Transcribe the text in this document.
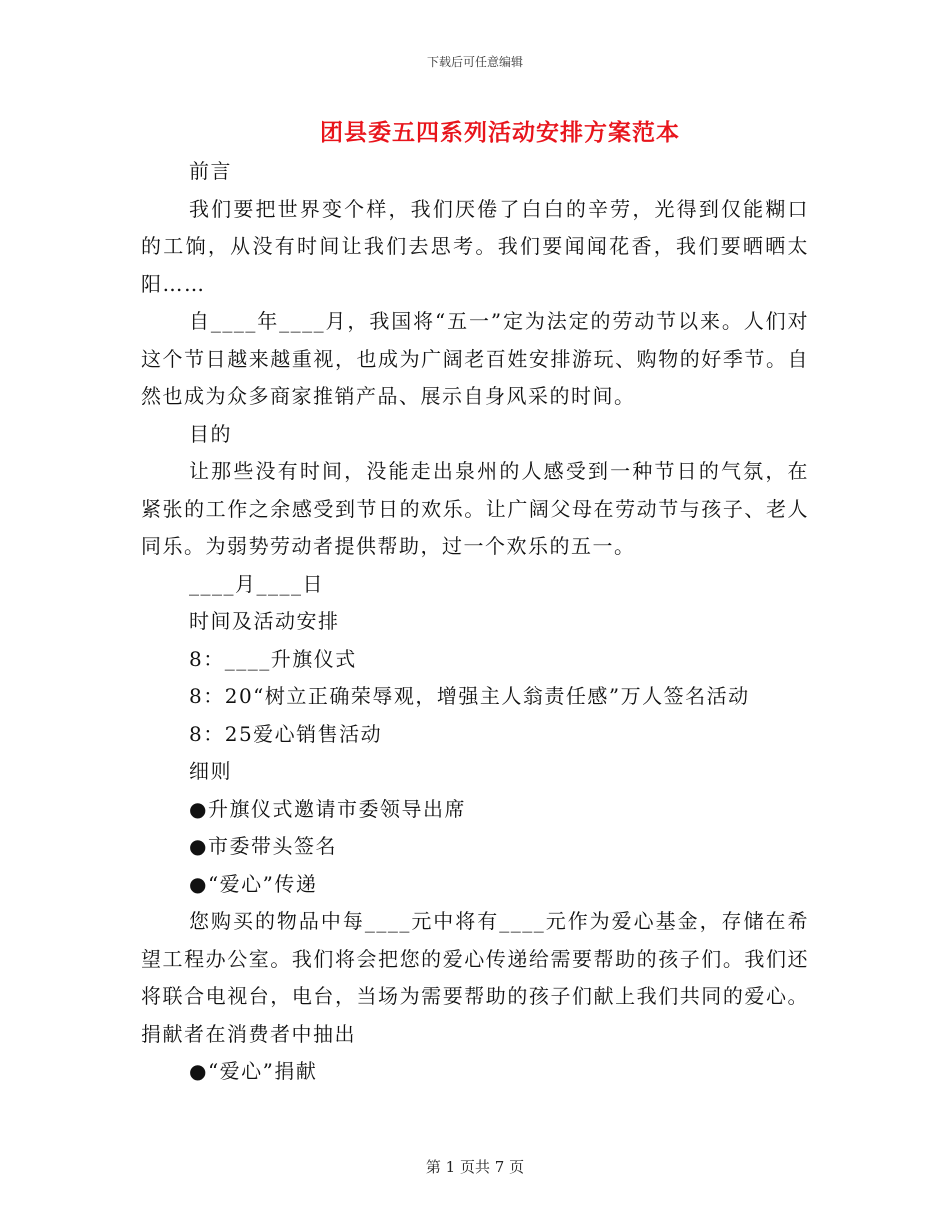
下载后可任意编辑
团县委五四系列活动安排方案范本

前言

我们要把世界变个样，我们厌倦了白白的辛劳，光得到仅能糊口的工饷，从没有时间让我们去思考。我们要闻闻花香，我们要晒晒太阳……

自____年____月，我国将“五一”定为法定的劳动节以来。人们对这个节日越来越重视，也成为广阔老百姓安排游玩、购物的好季节。自然也成为众多商家推销产品、展示自身风采的时间。

目的

让那些没有时间，没能走出泉州的人感受到一种节日的气氛，在紧张的工作之余感受到节日的欢乐。让广阔父母在劳动节与孩子、老人同乐。为弱势劳动者提供帮助，过一个欢乐的五一。

____月____日

时间及活动安排

8：____升旗仪式

8：20“树立正确荣辱观，增强主人翁责任感”万人签名活动

8：25爱心销售活动

细则

●升旗仪式邀请市委领导出席

●市委带头签名

●“爱心”传递

您购买的物品中每____元中将有____元作为爱心基金，存储在希望工程办公室。我们将会把您的爱心传递给需要帮助的孩子们。我们还将联合电视台，电台，当场为需要帮助的孩子们献上我们共同的爱心。捐献者在消费者中抽出

●“爱心”捐献

第 1 页共 7 页
